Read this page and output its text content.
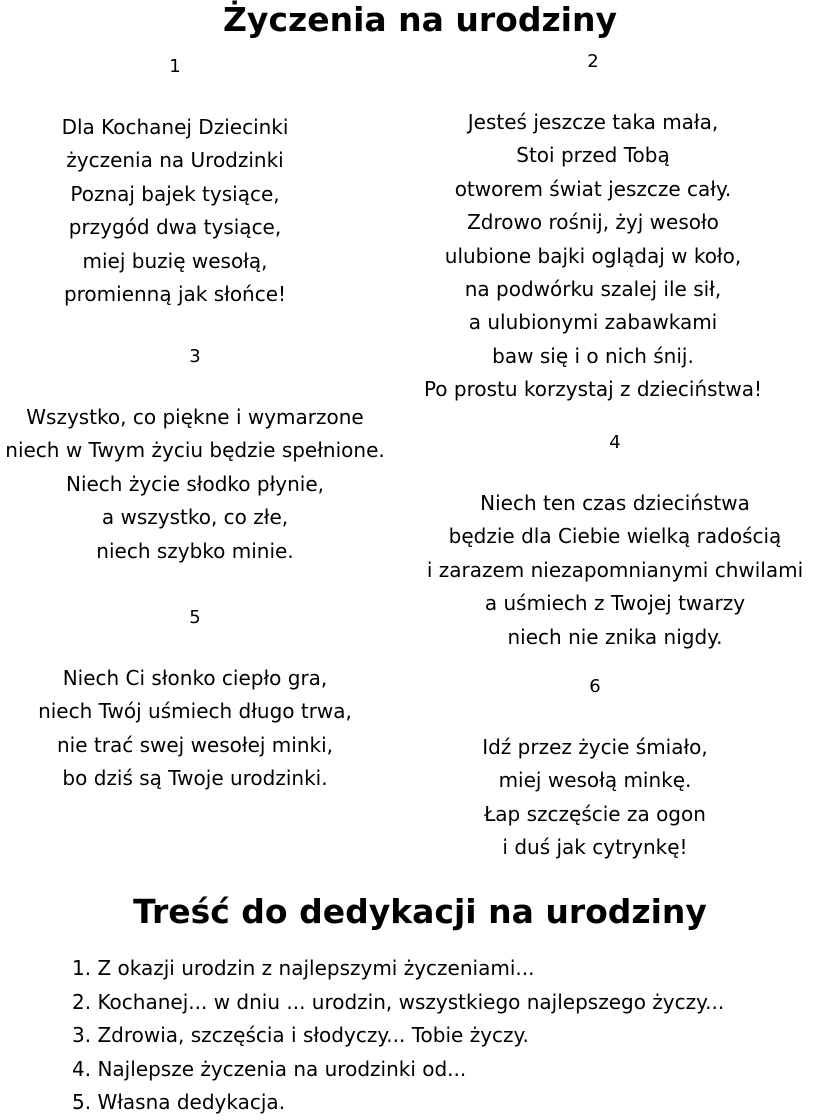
Życzenia na urodziny
1
Dla Kochanej Dziecinki
życzenia na Urodzinki
Poznaj bajek tysiące,
przygód dwa tysiące,
miej buzię wesołą,
promienną jak słońce!
2
Jesteś jeszcze taka mała,
Stoi przed Tobą
otworem świat jeszcze cały.
Zdrowo rośnij, żyj wesoło
ulubione bajki oglądaj w koło,
na podwórku szalej ile sił,
a ulubionymi zabawkami
baw się i o nich śnij.
Po prostu korzystaj z dzieciństwa!
3
Wszystko, co piękne i wymarzone
niech w Twym życiu będzie spełnione.
Niech życie słodko płynie,
a wszystko, co złe,
niech szybko minie.
4
Niech ten czas dzieciństwa
będzie dla Ciebie wielką radością
i zarazem niezapomnianymi chwilami
a uśmiech z Twojej twarzy
niech nie znika nigdy.
5
Niech Ci słonko ciepło gra,
niech Twój uśmiech długo trwa,
nie trać swej wesołej minki,
bo dziś są Twoje urodzinki.
6
Idź przez życie śmiało,
miej wesołą minkę.
Łap szczęście za ogon
i duś jak cytrynkę!
Treść do dedykacji na urodziny
1. Z okazji urodzin z najlepszymi życzeniami...
2. Kochanej... w dniu ... urodzin, wszystkiego najlepszego życzy...
3. Zdrowia, szczęścia i słodyczy... Tobie życzy.
4. Najlepsze życzenia na urodzinki od...
5. Własna dedykacja.
